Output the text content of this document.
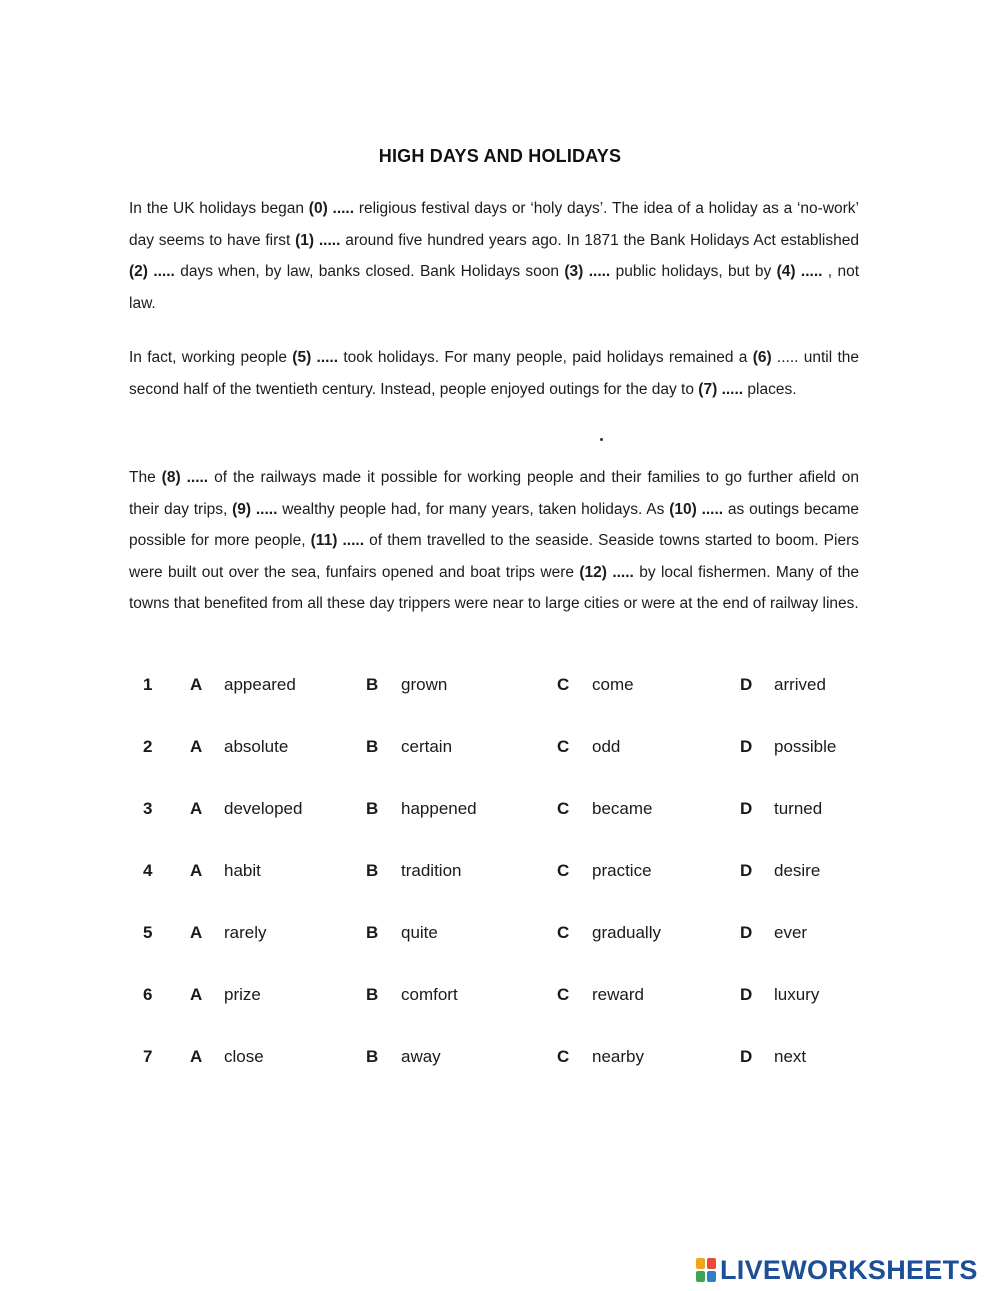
HIGH DAYS AND HOLIDAYS
In the UK holidays began (0) ..... religious festival days or ‘holy days’. The idea of a holiday as a ‘no-work’ day seems to have first (1) ..... around five hundred years ago. In 1871 the Bank Holidays Act established (2) ..... days when, by law, banks closed. Bank Holidays soon (3) ..... public holidays, but by (4) ..... , not law.
In fact, working people (5) ..... took holidays. For many people, paid holidays remained a (6) ..... until the second half of the twentieth century. Instead, people enjoyed outings for the day to (7) ..... places.
The (8) ..... of the railways made it possible for working people and their families to go further afield on their day trips, (9) ..... wealthy people had, for many years, taken holidays. As (10) ..... as outings became possible for more people, (11) ..... of them travelled to the seaside. Seaside towns started to boom. Piers were built out over the sea, funfairs opened and boat trips were (12) ..... by local fishermen. Many of the towns that benefited from all these day trippers were near to large cities or were at the end of railway lines.
1 A appeared	B grown	C come	D arrived
2 A absolute	B certain	C odd	D possible
3 A developed	B happened	C became	D turned
4 A habit	B tradition	C practice	D desire
5 A rarely	B quite	C gradually	D ever
6 A prize	B comfort	C reward	D luxury
7 A close	B away	C nearby	D next
LIVEWORKSHEETS
